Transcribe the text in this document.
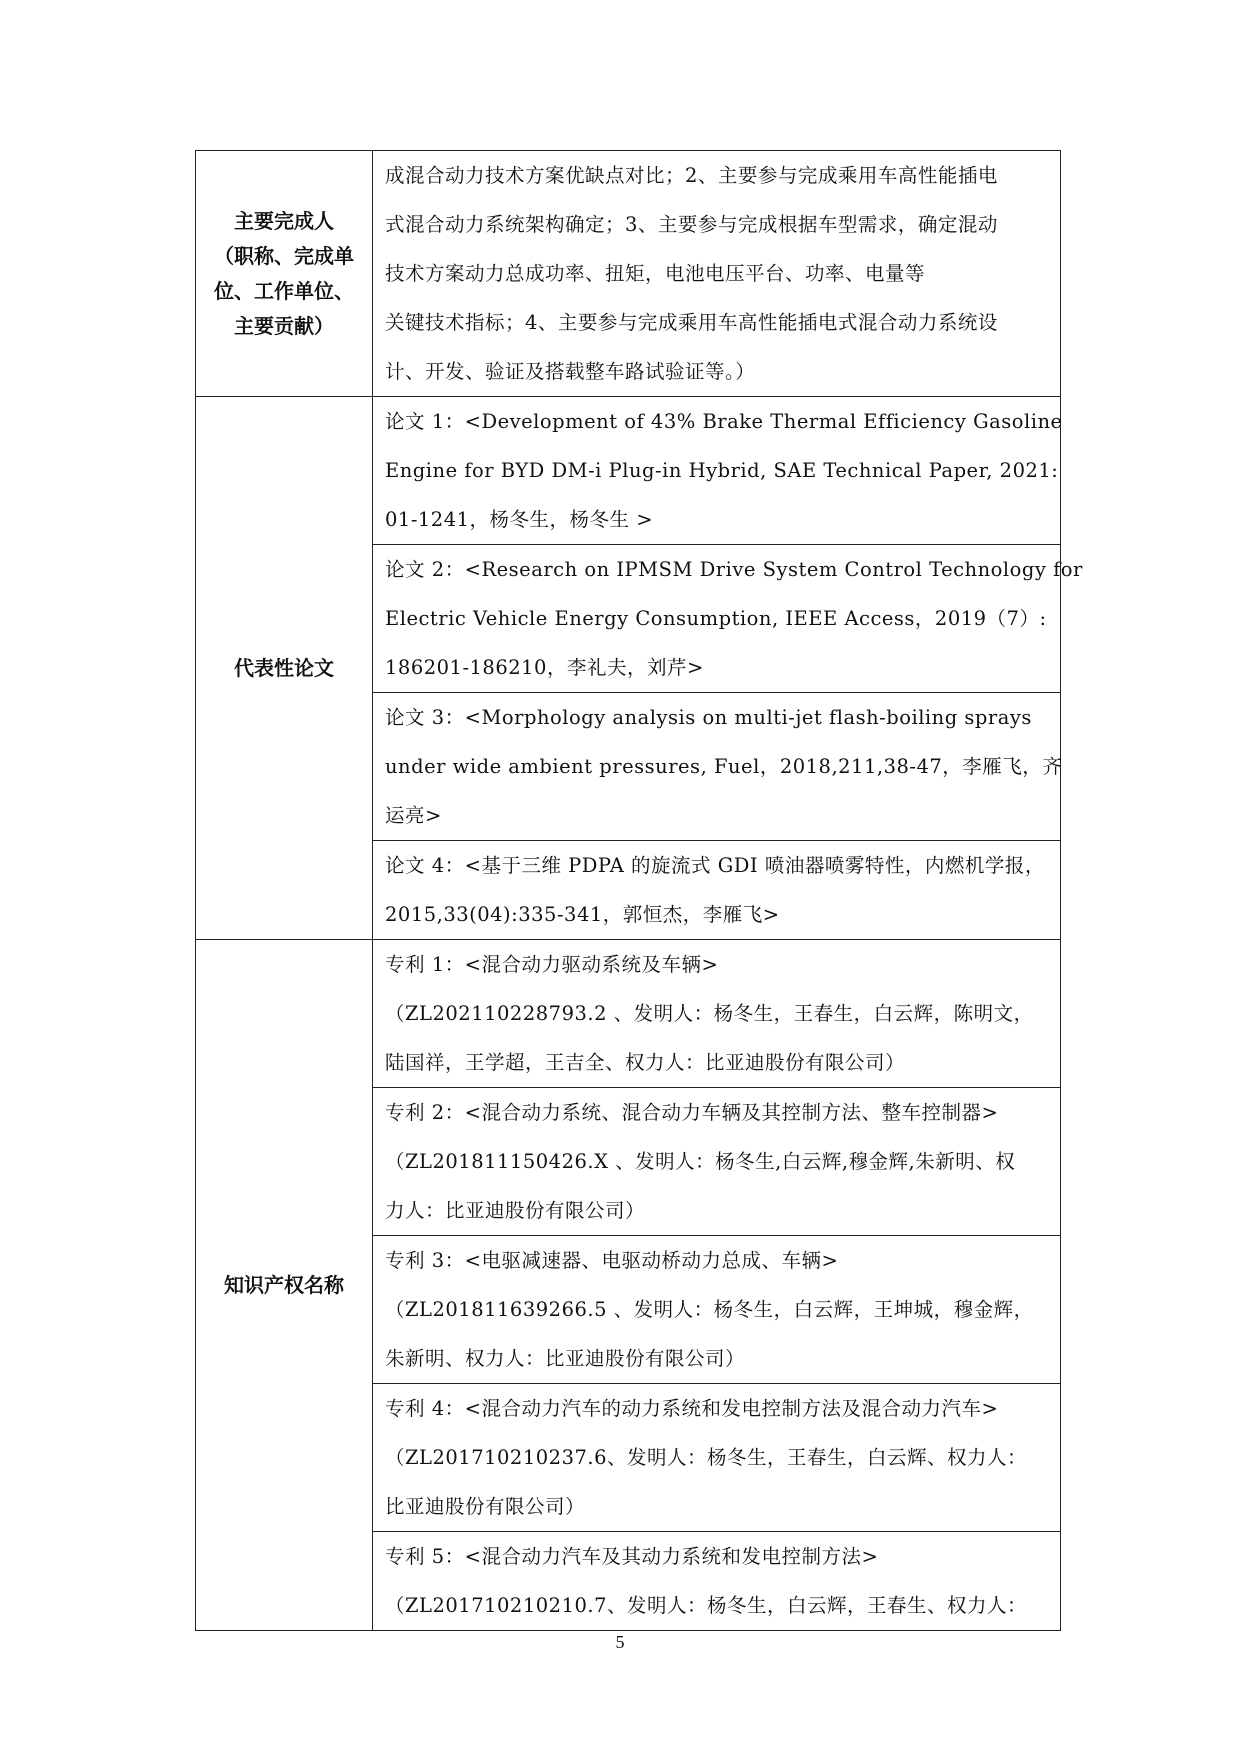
主要完成人
（职称、完成单
位、工作单位、
主要贡献）	成混合动力技术方案优缺点对比；2、主要参与完成乘用车高性能插电
式混合动力系统架构确定；3、主要参与完成根据车型需求，确定混动
技术方案动力总成功率、扭矩，电池电压平台、功率、电量等
关键技术指标；4、主要参与完成乘用车高性能插电式混合动力系统设
计、开发、验证及搭载整车路试验证等。）

代表性论文	论文 1：<Development of 43% Brake Thermal Efficiency Gasoline
Engine for BYD DM-i Plug-in Hybrid, SAE Technical Paper, 2021:
01-1241，杨冬生，杨冬生 >

	论文 2：<Research on IPMSM Drive System Control Technology for
Electric Vehicle Energy Consumption, IEEE Access，2019（7）:
186201-186210，李礼夫，刘芹>

	论文 3：<Morphology analysis on multi-jet flash-boiling sprays
under wide ambient pressures, Fuel，2018,211,38-47，李雁飞，齐
运亮>

	论文 4：<基于三维 PDPA 的旋流式 GDI 喷油器喷雾特性，内燃机学报，
2015,33(04):335-341，郭恒杰，李雁飞>

知识产权名称	专利 1：<混合动力驱动系统及车辆>
（ZL202110228793.2 、发明人：杨冬生，王春生，白云辉，陈明文，
陆国祥，王学超，王吉全、权力人：比亚迪股份有限公司）

	专利 2：<混合动力系统、混合动力车辆及其控制方法、整车控制器>
（ZL201811150426.X 、发明人：杨冬生,白云辉,穆金辉,朱新明、权
力人：比亚迪股份有限公司）

	专利 3：<电驱减速器、电驱动桥动力总成、车辆>
（ZL201811639266.5 、发明人：杨冬生，白云辉，王坤城，穆金辉，
朱新明、权力人：比亚迪股份有限公司）

	专利 4：<混合动力汽车的动力系统和发电控制方法及混合动力汽车>
（ZL201710210237.6、发明人：杨冬生，王春生，白云辉、权力人：
比亚迪股份有限公司）

	专利 5：<混合动力汽车及其动力系统和发电控制方法>
（ZL201710210210.7、发明人：杨冬生，白云辉，王春生、权力人：
5
